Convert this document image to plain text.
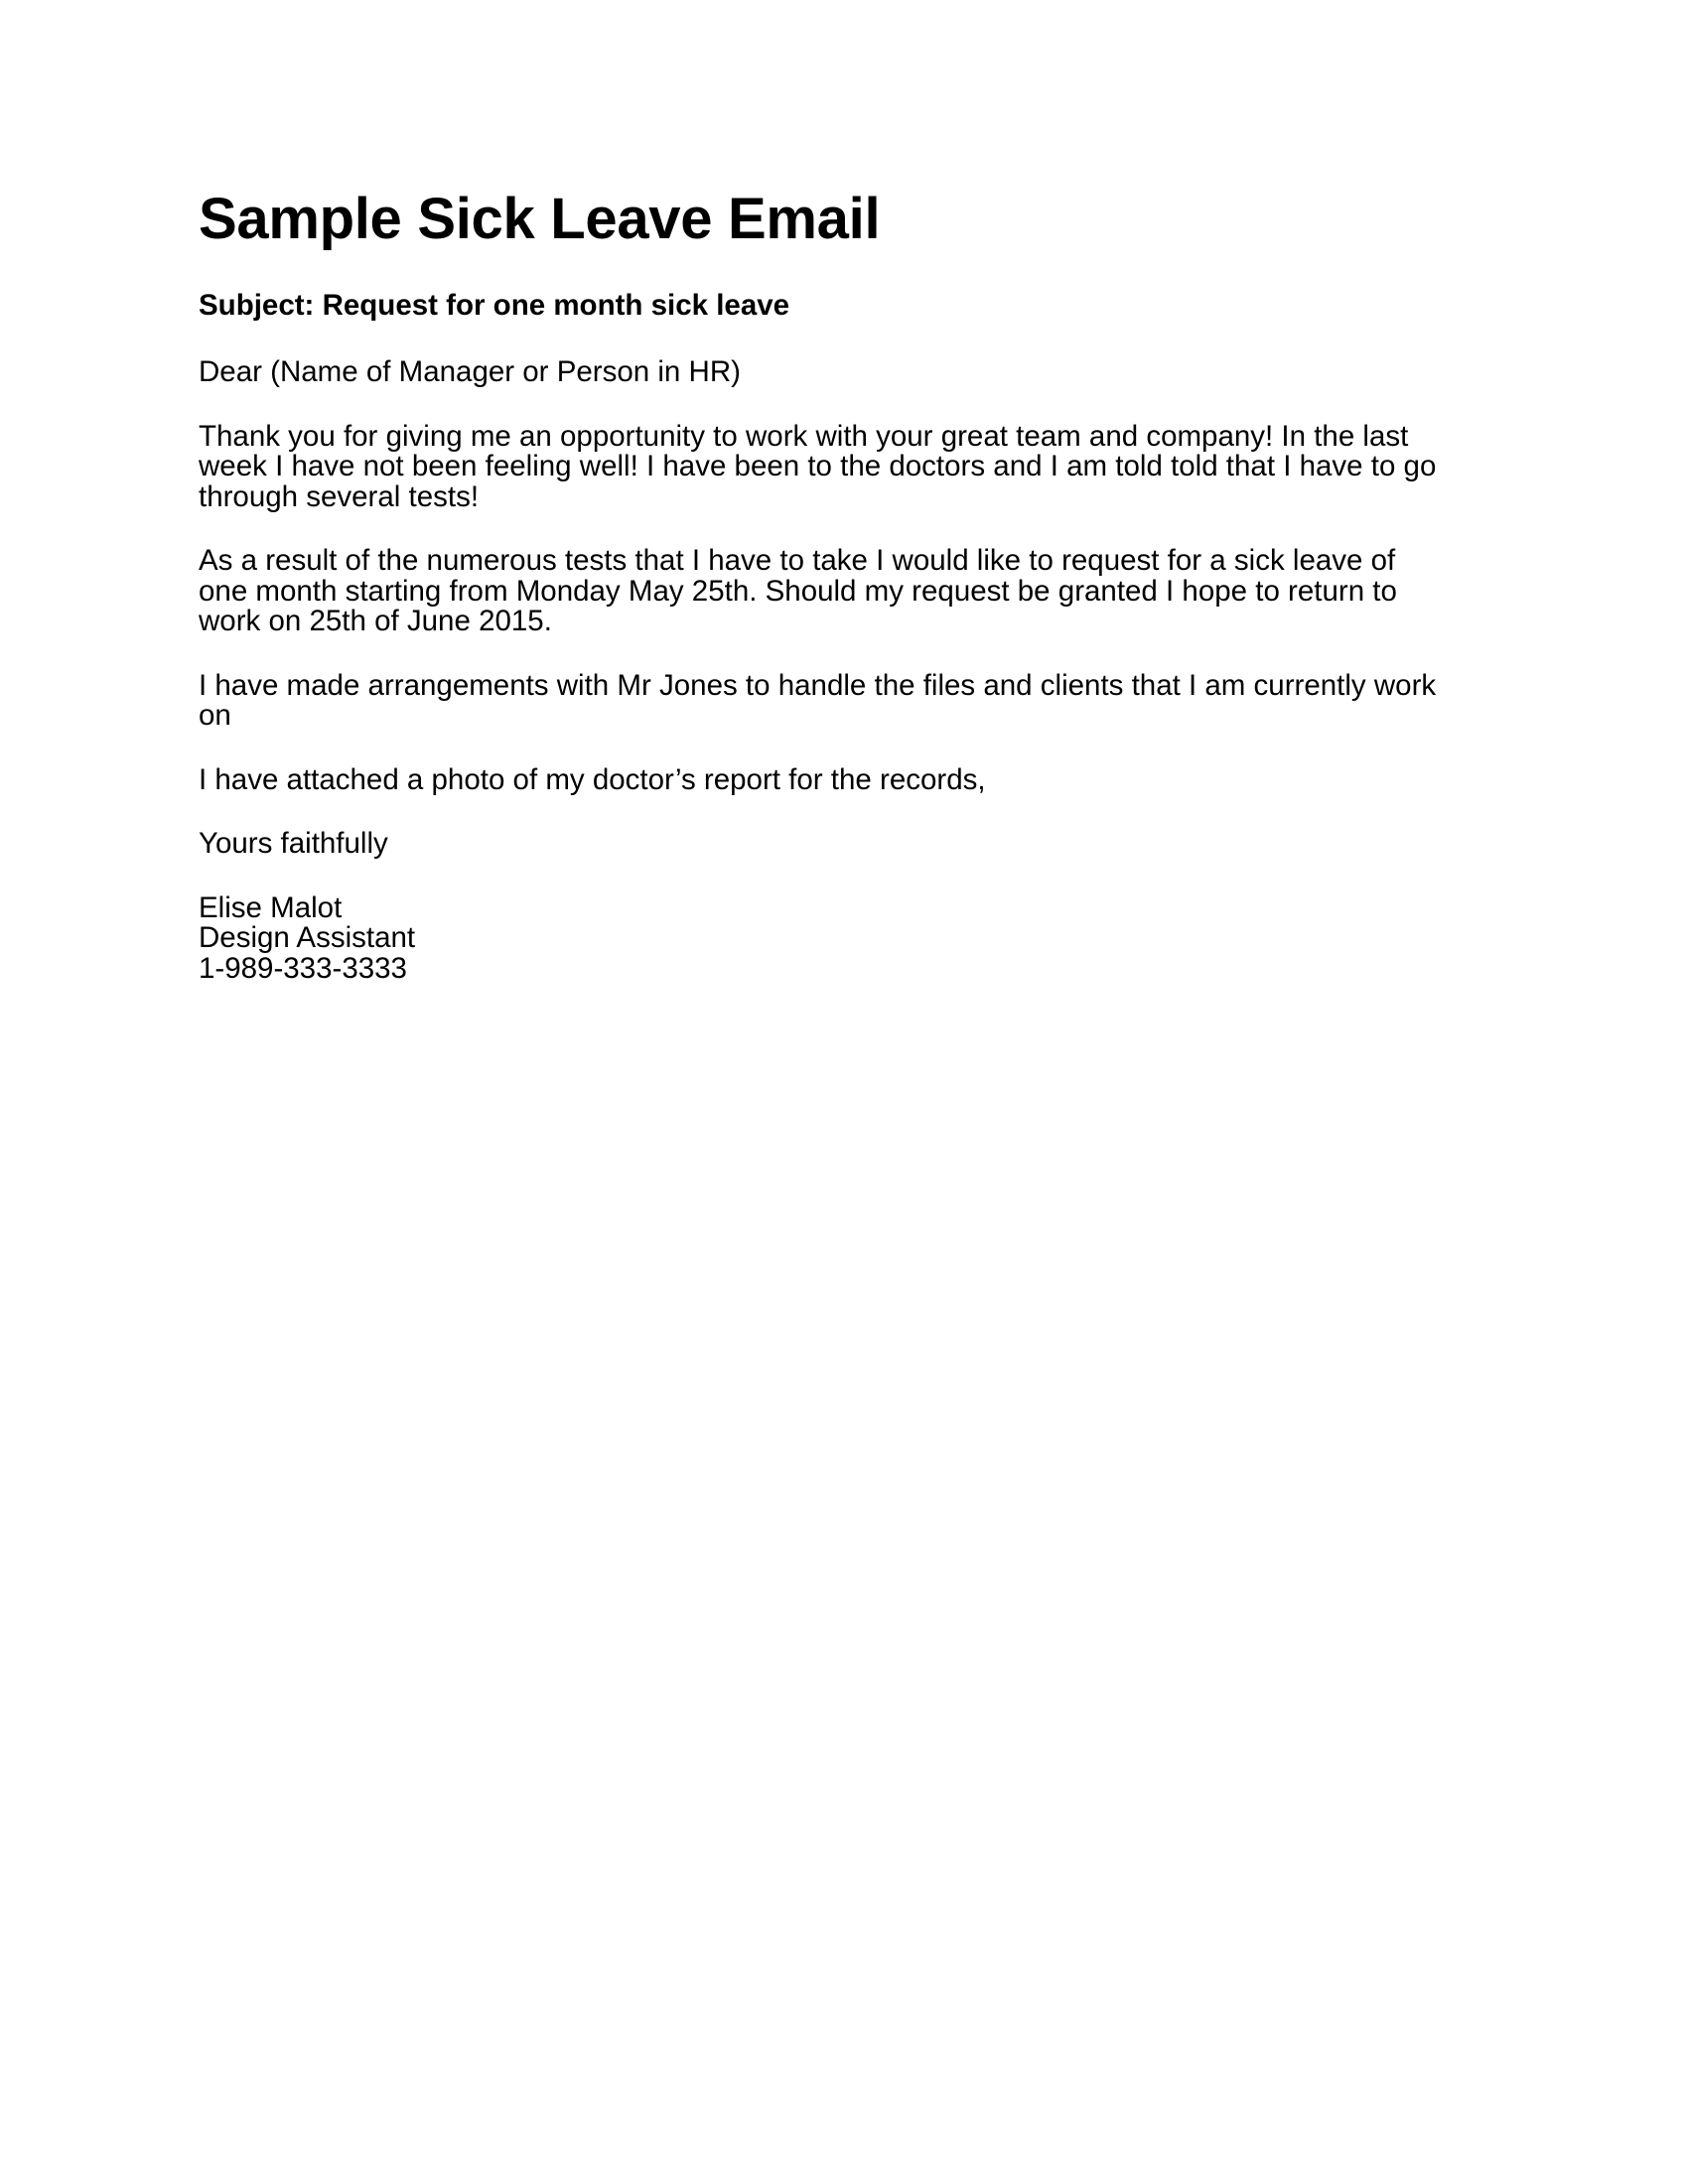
Sample Sick Leave Email

Subject: Request for one month sick leave

Dear (Name of Manager or Person in HR)

Thank you for giving me an opportunity to work with your great team and company! In the last
week I have not been feeling well! I have been to the doctors and I am told told that I have to go
through several tests!

As a result of the numerous tests that I have to take I would like to request for a sick leave of
one month starting from Monday May 25th. Should my request be granted I hope to return to
work on 25th of June 2015.

I have made arrangements with Mr Jones to handle the files and clients that I am currently work
on

I have attached a photo of my doctor’s report for the records,

Yours faithfully

Elise Malot
Design Assistant
1-989-333-3333
